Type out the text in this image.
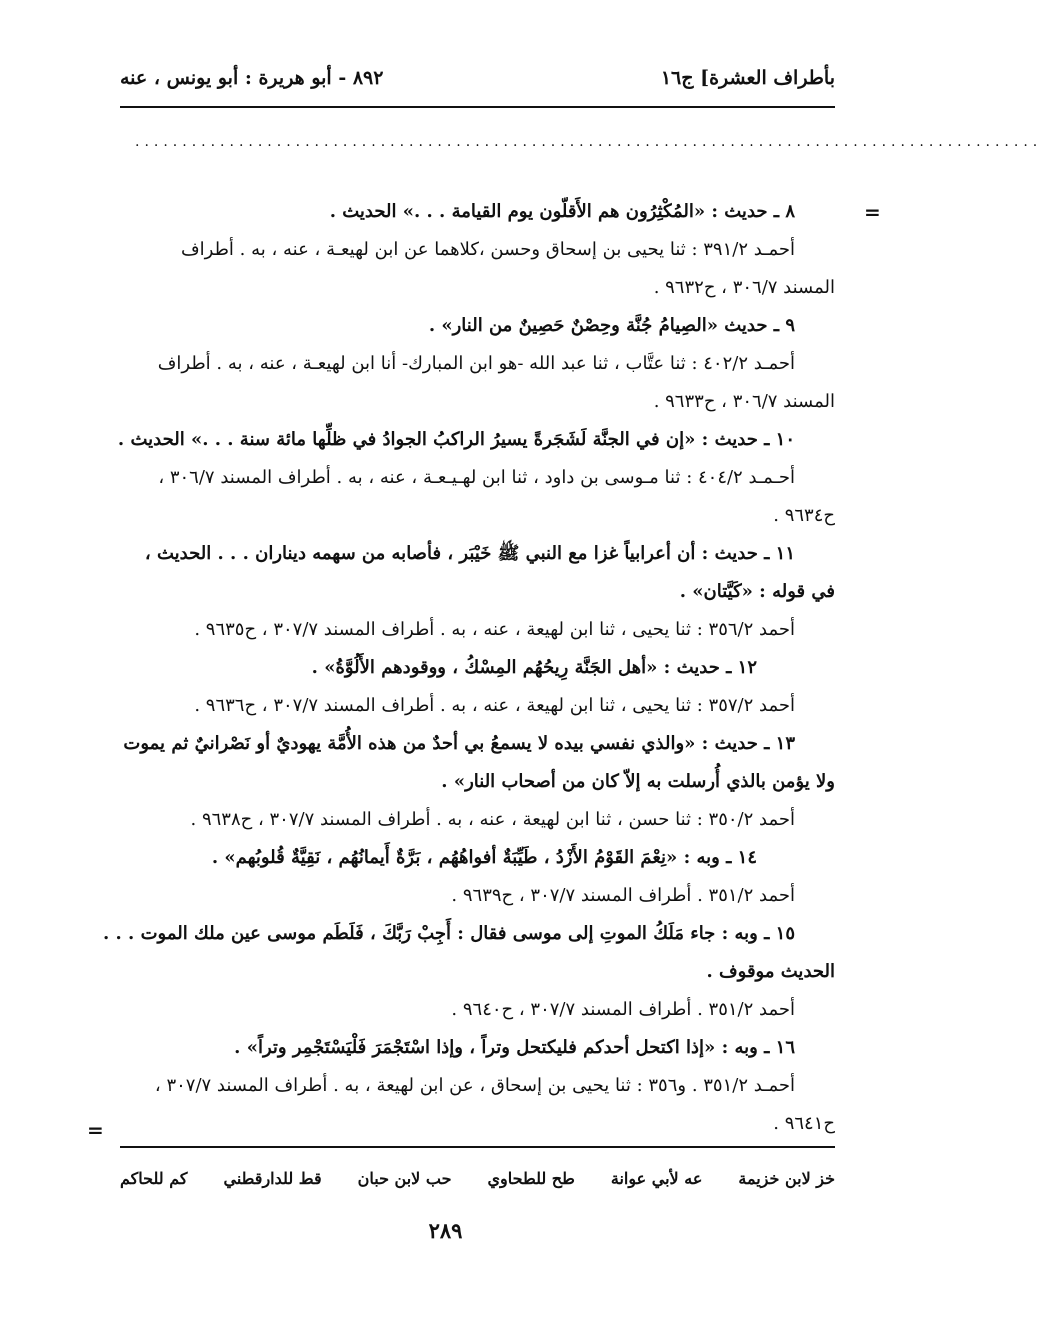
بأطراف العشرة] ج١٦
٨٩٢ - أبو هريرة : أبو يونس ، عنه
................................................................................................
=
=
٨ ـ حديث : «المُكْثِرُون هم الأَقلّون يوم القيامة . . .» الحديث .
أحمـد ٣٩١/٢ : ثنا يحيى بن إسحاق وحسن ،كلاهما عن ابن لهيعـة ، عنه ، به . أطراف
المسند ٣٠٦/٧ ، ح٩٦٣٢ .
٩ ـ حديث «الصِيامُ جُنَّة وحِصْنٌ حَصِينٌ من النار» .
أحمـد ٤٠٢/٢ : ثنا عتَّاب ، ثنا عبد الله -هو ابن المبارك- أنا ابن لهيعـة ، عنه ، به . أطراف
المسند ٣٠٦/٧ ، ح٩٦٣٣ .
١٠ ـ حديث : «إن في الجنَّة لَشَجَرةً يسيرُ الراكبُ الجوادُ في ظلِّها مائة سنة . . .» الحديث .
أحـمـد ٤٠٤/٢ : ثنا مـوسى بن داود ، ثنا ابن لهـيـعـة ، عنه ، به . أطراف المسند ٣٠٦/٧ ،
ح٩٦٣٤ .
١١ ـ حديث : أن أعرابياً غزا مع النبي ﷺ خَيْبَر ، فأصابه من سهمه ديناران . . . الحديث ،
في قوله : «كَيَّتان» .
أحمد ٣٥٦/٢ : ثنا يحيى ، ثنا ابن لهيعة ، عنه ، به . أطراف المسند ٣٠٧/٧ ، ح٩٦٣٥ .
١٢ ـ حديث : «أهل الجَنَّة رِيحُهُم المِسْكُ ، ووقودهم الأَلُوَّةُ» .
أحمد ٣٥٧/٢ : ثنا يحيى ، ثنا ابن لهيعة ، عنه ، به . أطراف المسند ٣٠٧/٧ ، ح٩٦٣٦ .
١٣ ـ حديث : «والذي نفسي بيده لا يسمعُ بي أحدٌ من هذه الأُمَّة يهوديٌ أو نَصْرانيٌ ثم يموت
ولا يؤمن بالذي أُرسلت به إلاّ كان من أصحاب النار» .
أحمد ٣٥٠/٢ : ثنا حسن ، ثنا ابن لهيعة ، عنه ، به . أطراف المسند ٣٠٧/٧ ، ح٩٦٣٨ .
١٤ ـ وبه : «نِعْمَ القَوْمُ الأَزْدُ ، طَيِّبَةٌ أفواهُهُم ، بَرَّةٌ أَيمانُهُم ، نَقِيَّةٌ قُلوبُهم» .
أحمد ٣٥١/٢ . أطراف المسند ٣٠٧/٧ ، ح٩٦٣٩ .
١٥ ـ وبه : جاء مَلَكُ الموتِ إلى موسى فقال : أَجِبْ رَبَّكَ ، فَلَطَم موسى عين ملك الموت . . .
الحديث موقوف .
أحمد ٣٥١/٢ . أطراف المسند ٣٠٧/٧ ، ح٩٦٤٠ .
١٦ ـ وبه : «إذا اكتحل أحدكم فليكتحل وتراً ، وإذا اسْتَجْمَرَ فَلْيَسْتَجْمِر وتراً» .
أحمـد ٣٥١/٢ . و٣٥٦ : ثنا يحيى بن إسحاق ، عن ابن لهيعة ، به . أطراف المسند ٣٠٧/٧ ،
ح٩٦٤١ .
خز لابن خزيمة
عه لأبي عوانة
طح للطحاوي
حب لابن حبان
قط للدارقطني
كم للحاكم
٢٨٩
